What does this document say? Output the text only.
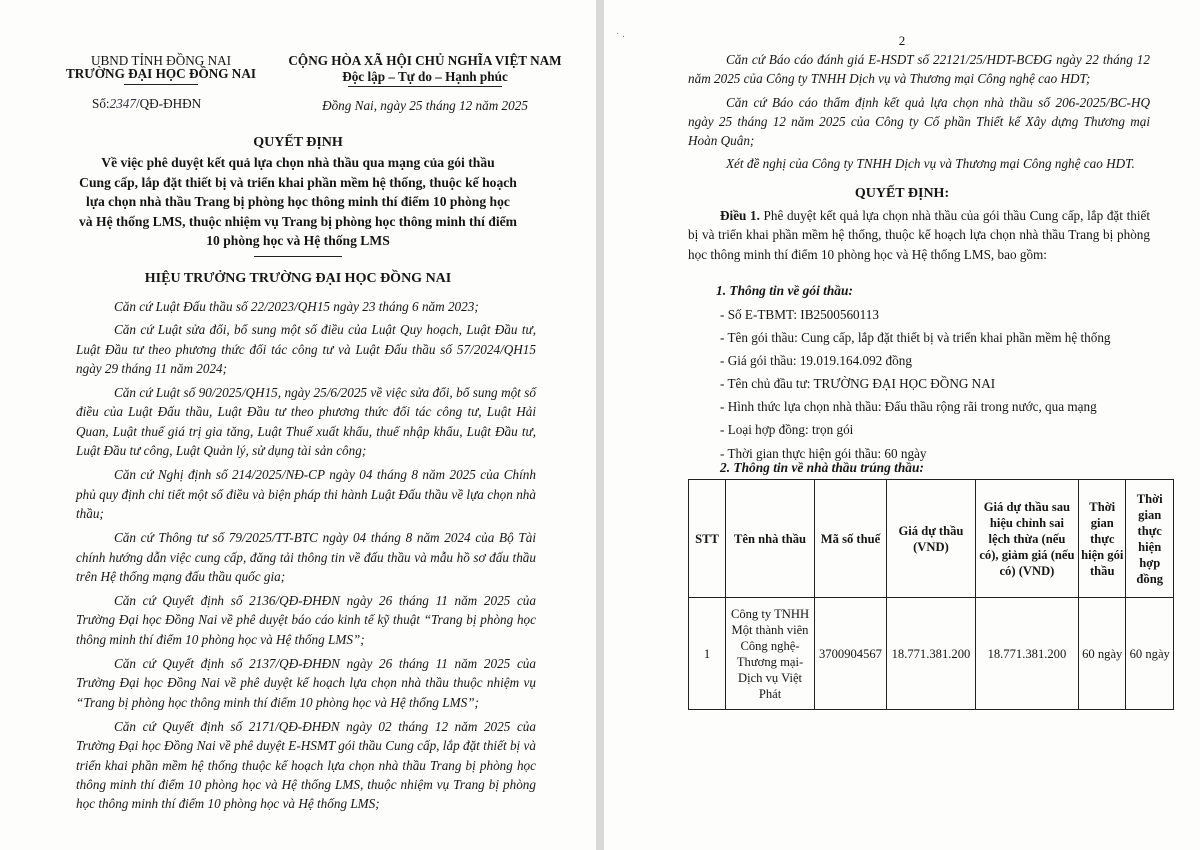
UBND TỈNH ĐỒNG NAI
TRƯỜNG ĐẠI HỌC ĐỒNG NAI
Số:2347/QĐ-ĐHĐN
CỘNG HÒA XÃ HỘI CHỦ NGHĨA VIỆT NAM
Độc lập – Tự do – Hạnh phúc
Đồng Nai, ngày 25 tháng 12 năm 2025
QUYẾT ĐỊNH
Về việc phê duyệt kết quả lựa chọn nhà thầu qua mạng của gói thầu
Cung cấp, lắp đặt thiết bị và triển khai phần mềm hệ thống, thuộc kế hoạch
lựa chọn nhà thầu Trang bị phòng học thông minh thí điểm 10 phòng học
và Hệ thống LMS, thuộc nhiệm vụ Trang bị phòng học thông minh thí điểm
10 phòng học và Hệ thống LMS
HIỆU TRƯỞNG TRƯỜNG ĐẠI HỌC ĐỒNG NAI
Căn cứ Luật Đấu thầu số 22/2023/QH15 ngày 23 tháng 6 năm 2023;
Căn cứ Luật sửa đổi, bổ sung một số điều của Luật Quy hoạch, Luật Đầu tư, Luật Đầu tư theo phương thức đối tác công tư và Luật Đấu thầu số 57/2024/QH15 ngày 29 tháng 11 năm 2024;
Căn cứ Luật số 90/2025/QH15, ngày 25/6/2025 về việc sửa đổi, bổ sung một số điều của Luật Đấu thầu, Luật Đầu tư theo phương thức đối tác công tư, Luật Hải Quan, Luật thuế giá trị gia tăng, Luật Thuế xuất khẩu, thuế nhập khẩu, Luật Đầu tư, Luật Đầu tư công, Luật Quản lý, sử dụng tài sản công;
Căn cứ Nghị định số 214/2025/NĐ-CP ngày 04 tháng 8 năm 2025 của Chính phủ quy định chi tiết một số điều và biện pháp thi hành Luật Đấu thầu về lựa chọn nhà thầu;
Căn cứ Thông tư số 79/2025/TT-BTC ngày 04 tháng 8 năm 2024 của Bộ Tài chính hướng dẫn việc cung cấp, đăng tải thông tin về đấu thầu và mẫu hồ sơ đấu thầu trên Hệ thống mạng đấu thầu quốc gia;
Căn cứ Quyết định số 2136/QĐ-ĐHĐN ngày 26 tháng 11 năm 2025 của Trường Đại học Đồng Nai về phê duyệt báo cáo kinh tế kỹ thuật “Trang bị phòng học thông minh thí điểm 10 phòng học và Hệ thống LMS”;
Căn cứ Quyết định số 2137/QĐ-ĐHĐN ngày 26 tháng 11 năm 2025 của Trường Đại học Đồng Nai về phê duyệt kế hoạch lựa chọn nhà thầu thuộc nhiệm vụ “Trang bị phòng học thông minh thí điểm 10 phòng học và Hệ thống LMS”;
Căn cứ Quyết định số 2171/QĐ-ĐHĐN ngày 02 tháng 12 năm 2025 của Trường Đại học Đồng Nai về phê duyệt E-HSMT gói thầu Cung cấp, lắp đặt thiết bị và triển khai phần mềm hệ thống thuộc kế hoạch lựa chọn nhà thầu Trang bị phòng học thông minh thí điểm 10 phòng học và Hệ thống LMS, thuộc nhiệm vụ Trang bị phòng học thông minh thí điểm 10 phòng học và Hệ thống LMS;
˙ ·	2
Căn cứ Báo cáo đánh giá E-HSDT số 22121/25/HDT-BCĐG ngày 22 tháng 12 năm 2025 của Công ty TNHH Dịch vụ và Thương mại Công nghệ cao HDT;
Căn cứ Báo cáo thẩm định kết quả lựa chọn nhà thầu số 206-2025/BC-HQ ngày 25 tháng 12 năm 2025 của Công ty Cổ phần Thiết kế Xây dựng Thương mại Hoàn Quân;
Xét đề nghị của Công ty TNHH Dịch vụ và Thương mại Công nghệ cao HDT.
QUYẾT ĐỊNH:
Điều 1. Phê duyệt kết quả lựa chọn nhà thầu của gói thầu Cung cấp, lắp đặt thiết bị và triển khai phần mềm hệ thống, thuộc kế hoạch lựa chọn nhà thầu Trang bị phòng học thông minh thí điểm 10 phòng học và Hệ thống LMS, bao gồm:
1. Thông tin về gói thầu:
- Số E-TBMT: IB2500560113
- Tên gói thầu: Cung cấp, lắp đặt thiết bị và triển khai phần mềm hệ thống
- Giá gói thầu: 19.019.164.092 đồng
- Tên chủ đầu tư: TRƯỜNG ĐẠI HỌC ĐỒNG NAI
- Hình thức lựa chọn nhà thầu: Đấu thầu rộng rãi trong nước, qua mạng
- Loại hợp đồng: trọn gói
- Thời gian thực hiện gói thầu: 60 ngày
2. Thông tin về nhà thầu trúng thầu:
STT	Tên nhà thầu	Mã số thuế	Giá dự thầu (VND)	Giá dự thầu sau hiệu chỉnh sai lệch thừa (nếu có), giảm giá (nếu có) (VND)	Thời gian thực hiện gói thầu	Thời gian thực hiện hợp đồng
1	Công ty TNHH Một thành viên Công nghệ-Thương mại-Dịch vụ Việt Phát	3700904567	18.771.381.200	18.771.381.200	60 ngày	60 ngày
